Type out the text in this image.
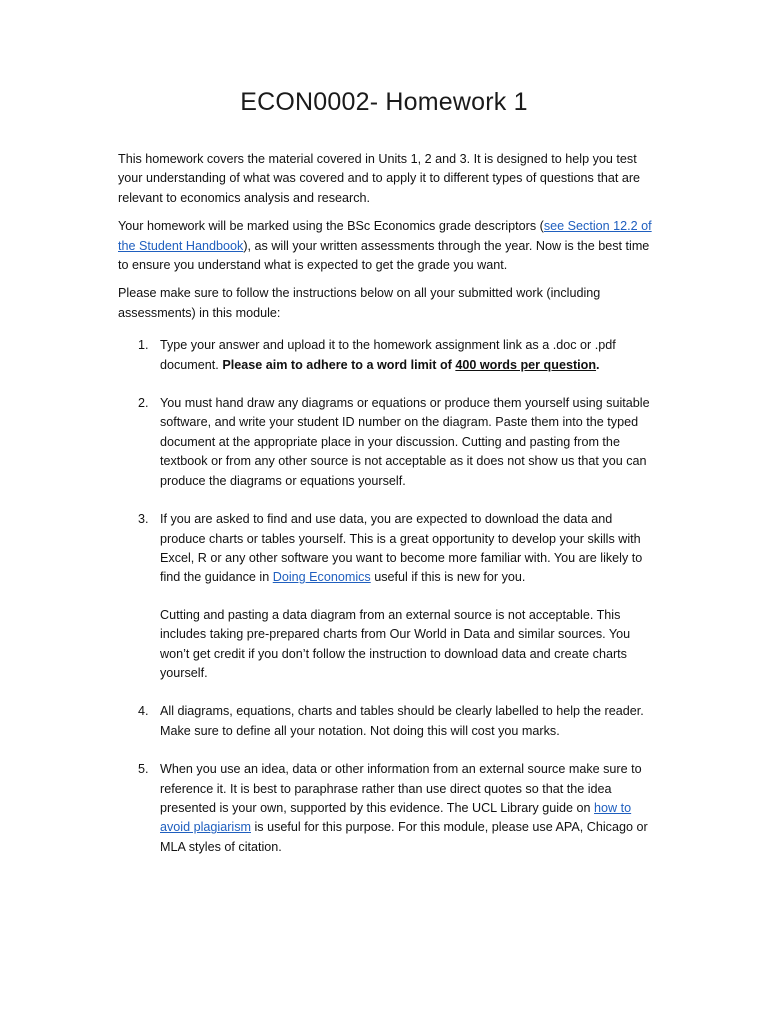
ECON0002- Homework 1

This homework covers the material covered in Units 1, 2 and 3. It is designed to help you test your understanding of what was covered and to apply it to different types of questions that are relevant to economics analysis and research.

Your homework will be marked using the BSc Economics grade descriptors (see Section 12.2 of the Student Handbook), as will your written assessments through the year. Now is the best time to ensure you understand what is expected to get the grade you want.

Please make sure to follow the instructions below on all your submitted work (including assessments) in this module:

1. Type your answer and upload it to the homework assignment link as a .doc or .pdf document. Please aim to adhere to a word limit of 400 words per question.
2. You must hand draw any diagrams or equations or produce them yourself using suitable software, and write your student ID number on the diagram. Paste them into the typed document at the appropriate place in your discussion. Cutting and pasting from the textbook or from any other source is not acceptable as it does not show us that you can produce the diagrams or equations yourself.
3. If you are asked to find and use data, you are expected to download the data and produce charts or tables yourself. This is a great opportunity to develop your skills with Excel, R or any other software you want to become more familiar with. You are likely to find the guidance in Doing Economics useful if this is new for you.
Cutting and pasting a data diagram from an external source is not acceptable. This includes taking pre-prepared charts from Our World in Data and similar sources. You won’t get credit if you don’t follow the instruction to download data and create charts yourself.
4. All diagrams, equations, charts and tables should be clearly labelled to help the reader. Make sure to define all your notation. Not doing this will cost you marks.
5. When you use an idea, data or other information from an external source make sure to reference it. It is best to paraphrase rather than use direct quotes so that the idea presented is your own, supported by this evidence. The UCL Library guide on how to avoid plagiarism is useful for this purpose. For this module, please use APA, Chicago or MLA styles of citation.
